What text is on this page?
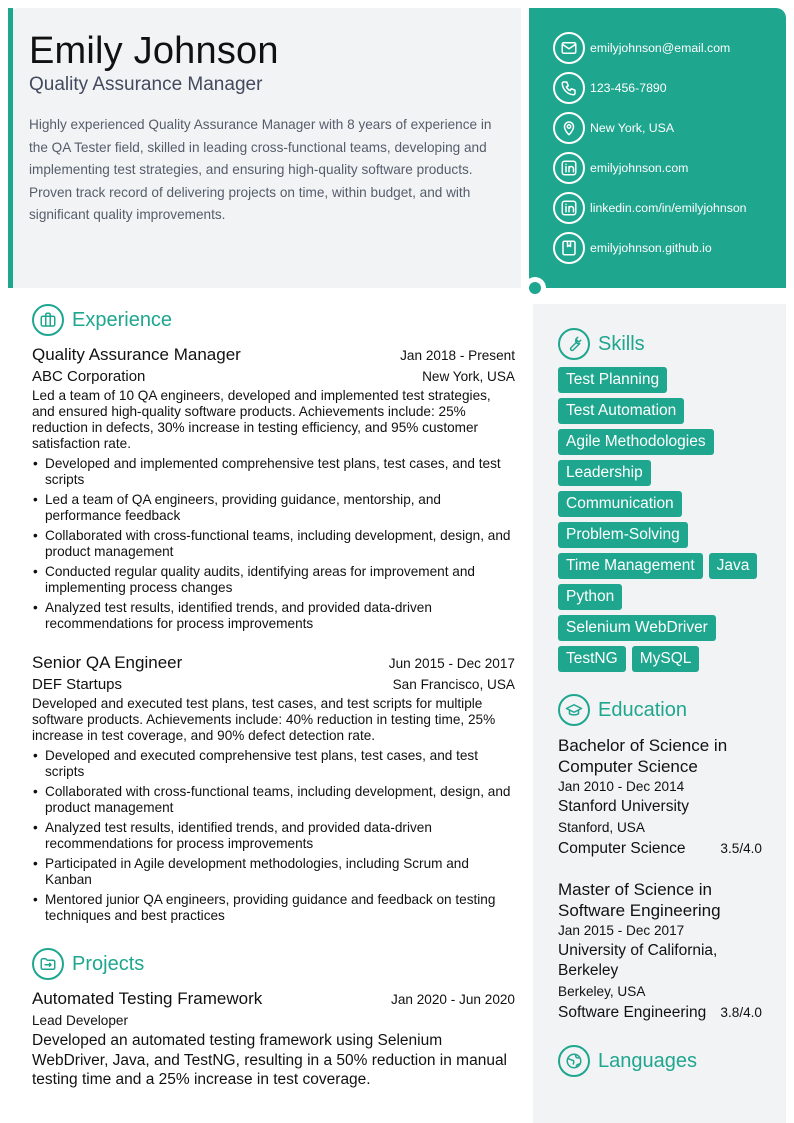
Emily Johnson
Quality Assurance Manager

Highly experienced Quality Assurance Manager with 8 years of experience in the QA Tester field, skilled in leading cross-functional teams, developing and implementing test strategies, and ensuring high-quality software products. Proven track record of delivering projects on time, within budget, and with significant quality improvements.

emilyjohnson@email.com
123-456-7890
New York, USA
emilyjohnson.com
linkedin.com/in/emilyjohnson
emilyjohnson.github.io
Experience
Quality Assurance Manager	Jan 2018 - Present
ABC Corporation	New York, USA

Led a team of 10 QA engineers, developed and implemented test strategies, and ensured high-quality software products. Achievements include: 25% reduction in defects, 30% increase in testing efficiency, and 95% customer satisfaction rate.

• Developed and implemented comprehensive test plans, test cases, and test scripts
• Led a team of QA engineers, providing guidance, mentorship, and performance feedback
• Collaborated with cross-functional teams, including development, design, and product management
• Conducted regular quality audits, identifying areas for improvement and implementing process changes
• Analyzed test results, identified trends, and provided data-driven recommendations for process improvements
Senior QA Engineer	Jun 2015 - Dec 2017
DEF Startups	San Francisco, USA

Developed and executed test plans, test cases, and test scripts for multiple software products. Achievements include: 40% reduction in testing time, 25% increase in test coverage, and 90% defect detection rate.

• Developed and executed comprehensive test plans, test cases, and test scripts
• Collaborated with cross-functional teams, including development, design, and product management
• Analyzed test results, identified trends, and provided data-driven recommendations for process improvements
• Participated in Agile development methodologies, including Scrum and Kanban
• Mentored junior QA engineers, providing guidance and feedback on testing techniques and best practices
Projects
Automated Testing Framework	Jan 2020 - Jun 2020
Lead Developer

Developed an automated testing framework using Selenium WebDriver, Java, and TestNG, resulting in a 50% reduction in manual testing time and a 25% increase in test coverage.

Skills
Test Planning
Test Automation
Agile Methodologies
Leadership
Communication
Problem-Solving
Time Management	Java
Python
Selenium WebDriver
TestNG	MySQL
Education
Bachelor of Science in Computer Science
Jan 2010 - Dec 2014
Stanford University
Stanford, USA
Computer Science	3.5/4.0
Master of Science in Software Engineering
Jan 2015 - Dec 2017
University of California, Berkeley
Berkeley, USA
Software Engineering 3.8/4.0
Languages
